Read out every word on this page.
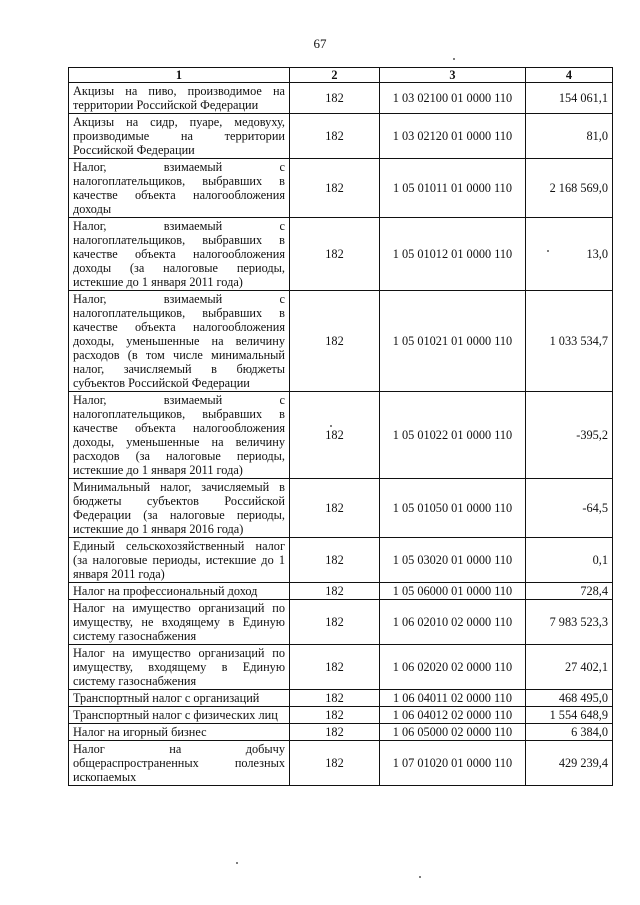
67
1	2	3	4
Акцизы на пиво, производимое на территории Российской Федерации	182	1 03 02100 01 0000 110	154 061,1
Акцизы на сидр, пуаре, медовуху, производимые на территории Российской Федерации	182	1 03 02120 01 0000 110	81,0
Налог, взимаемый с налогоплательщиков, выбравших в качестве объекта налогообложения доходы	182	1 05 01011 01 0000 110	2 168 569,0
Налог, взимаемый с налогоплательщиков, выбравших в качестве объекта налогообложения доходы (за налоговые периоды, истекшие до 1 января 2011 года)	182	1 05 01012 01 0000 110	13,0
Налог, взимаемый с налогоплательщиков, выбравших в качестве объекта налогообложения доходы, уменьшенные на величину расходов (в том числе минимальный налог, зачисляемый в бюджеты субъектов Российской Федерации	182	1 05 01021 01 0000 110	1 033 534,7
Налог, взимаемый с налогоплательщиков, выбравших в качестве объекта налогообложения доходы, уменьшенные на величину расходов (за налоговые периоды, истекшие до 1 января 2011 года)	182	1 05 01022 01 0000 110	-395,2
Минимальный налог, зачисляемый в бюджеты субъектов Российской Федерации (за налоговые периоды, истекшие до 1 января 2016 года)	182	1 05 01050 01 0000 110	-64,5
Единый сельскохозяйственный налог (за налоговые периоды, истекшие до 1 января 2011 года)	182	1 05 03020 01 0000 110	0,1
Налог на профессиональный доход	182	1 05 06000 01 0000 110	728,4
Налог на имущество организаций по имуществу, не входящему в Единую систему газоснабжения	182	1 06 02010 02 0000 110	7 983 523,3
Налог на имущество организаций по имуществу, входящему в Единую систему газоснабжения	182	1 06 02020 02 0000 110	27 402,1
Транспортный налог с организаций	182	1 06 04011 02 0000 110	468 495,0
Транспортный налог с физических лиц	182	1 06 04012 02 0000 110	1 554 648,9
Налог на игорный бизнес	182	1 06 05000 02 0000 110	6 384,0
Налог на добычу общераспространенных полезных ископаемых	182	1 07 01020 01 0000 110	429 239,4
